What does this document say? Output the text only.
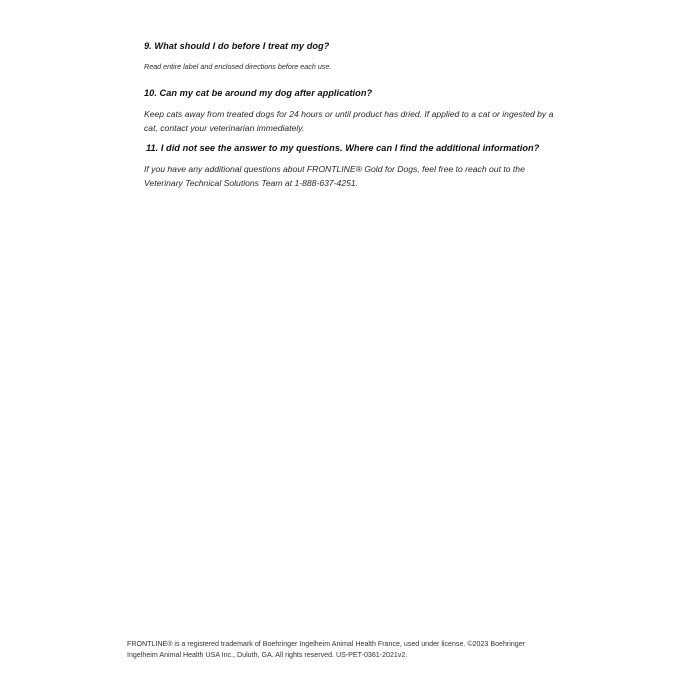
9. What should I do before I treat my dog?

Read entire label and enclosed directions before each use.

10. Can my cat be around my dog after application?

Keep cats away from treated dogs for 24 hours or until product has dried. If applied to a cat or ingested by a cat, contact your veterinarian immediately.

11. I did not see the answer to my questions. Where can I find the additional information?

If you have any additional questions about FRONTLINE® Gold for Dogs, feel free to reach out to the Veterinary Technical Solutions Team at 1-888-637-4251.

FRONTLINE® is a registered trademark of Boehringer Ingelheim Animal Health France, used under license. ©2023 Boehringer Ingelheim Animal Health USA Inc., Duluth, GA. All rights reserved. US-PET-0361-2021v2.
